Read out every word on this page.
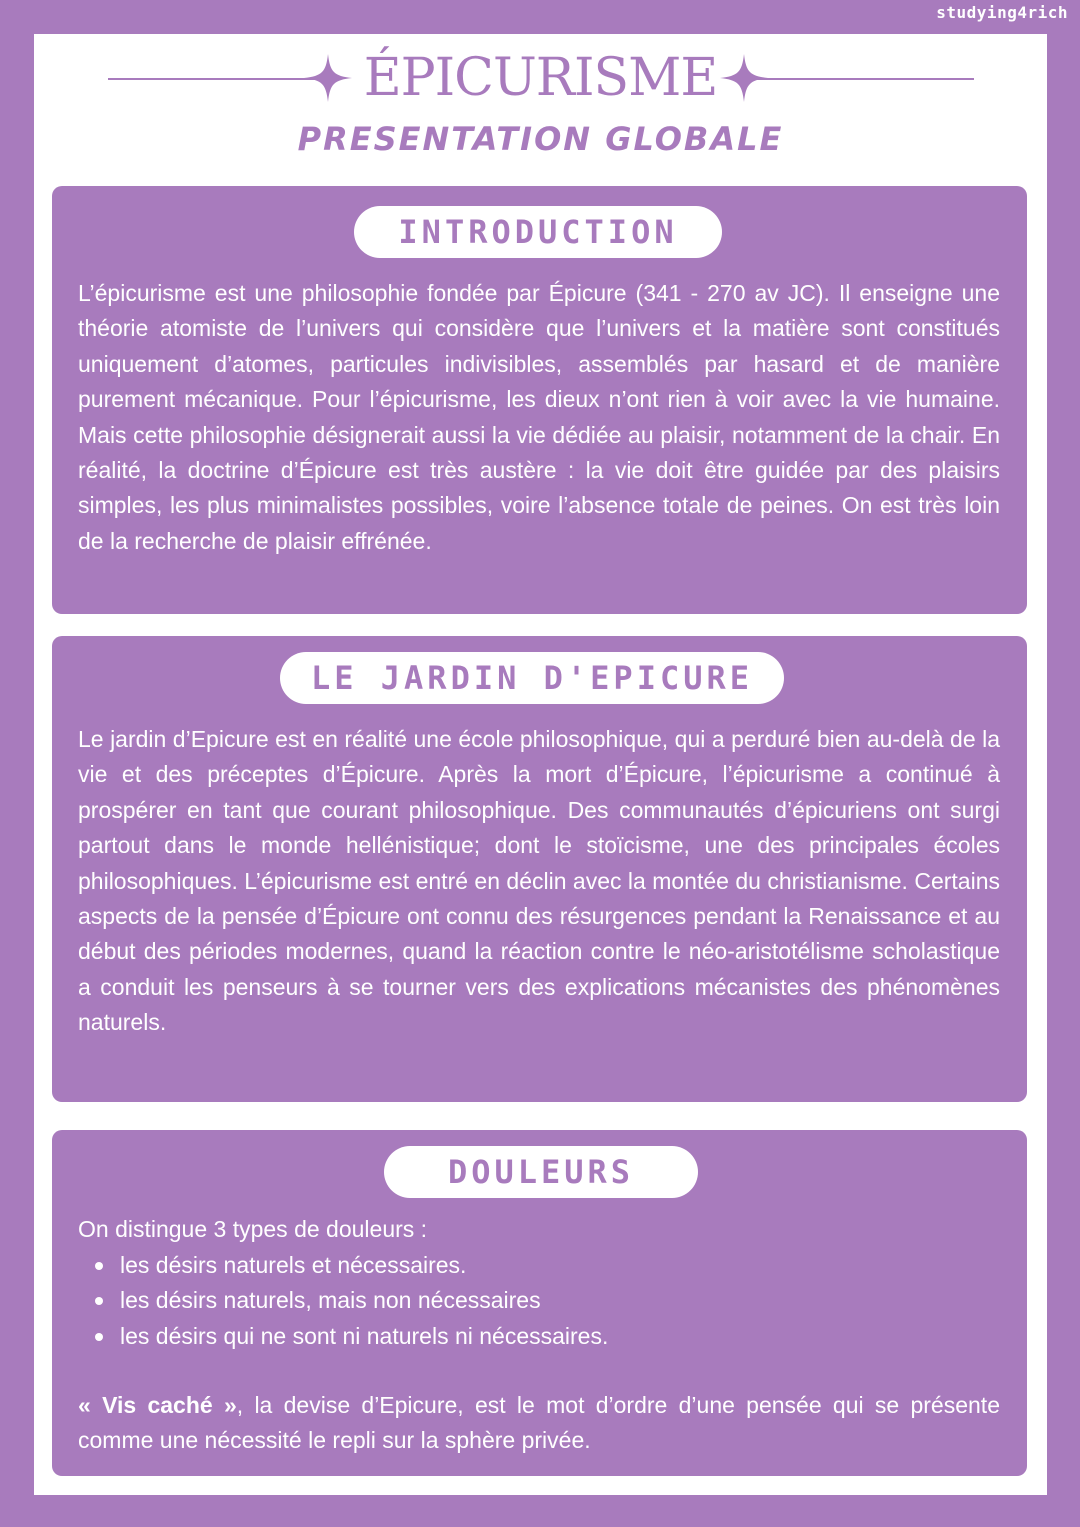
studying4rich
ÉPICURISME
PRESENTATION GLOBALE
INTRODUCTION

L’épicurisme est une philosophie fondée par Épicure (341 - 270 av JC). Il enseigne une théorie atomiste de l’univers qui considère que l’univers et la matière sont constitués uniquement d’atomes, particules indivisibles, assemblés par hasard et de manière purement mécanique. Pour l’épicurisme, les dieux n’ont rien à voir avec la vie humaine. Mais cette philosophie désignerait aussi la vie dédiée au plaisir, notamment de la chair. En réalité, la doctrine d’Épicure est très austère : la vie doit être guidée par des plaisirs simples, les plus minimalistes possibles, voire l’absence totale de peines. On est très loin de la recherche de plaisir effrénée.

LE JARDIN D'EPICURE

Le jardin d’Epicure est en réalité une école philosophique, qui a perduré bien au-delà de la vie et des préceptes d’Épicure. Après la mort d’Épicure, l’épicurisme a continué à prospérer en tant que courant philosophique. Des communautés d’épicuriens ont surgi partout dans le monde hellénistique; dont le stoïcisme, une des principales écoles philosophiques. L’épicurisme est entré en déclin avec la montée du christianisme. Certains aspects de la pensée d’Épicure ont connu des résurgences pendant la Renaissance et au début des périodes modernes, quand la réaction contre le néo-aristotélisme scholastique a conduit les penseurs à se tourner vers des explications mécanistes des phénomènes naturels.

DOULEURS

On distingue 3 types de douleurs :

les désirs naturels et nécessaires.
les désirs naturels, mais non nécessaires
les désirs qui ne sont ni naturels ni nécessaires.

« Vis caché », la devise d’Epicure, est le mot d’ordre d’une pensée qui se présente comme une nécessité le repli sur la sphère privée.
